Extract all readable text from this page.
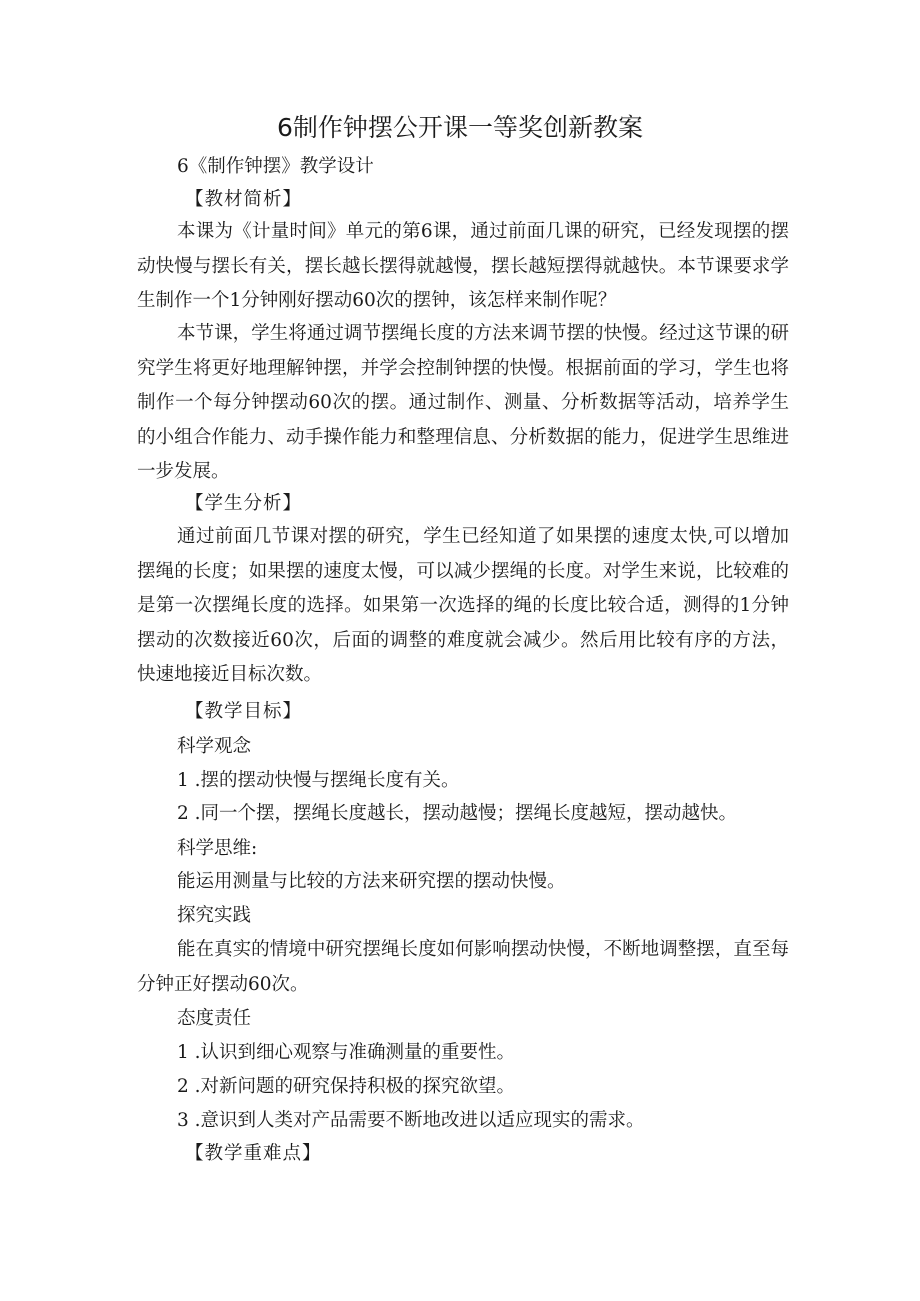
6制作钟摆公开课一等奖创新教案

6《制作钟摆》教学设计

【教材简析】

本课为《计量时间》单元的第6课，通过前面几课的研究，已经发现摆的摆动快慢与摆长有关，摆长越长摆得就越慢，摆长越短摆得就越快。本节课要求学生制作一个1分钟刚好摆动60次的摆钟，该怎样来制作呢？

本节课，学生将通过调节摆绳长度的方法来调节摆的快慢。经过这节课的研究学生将更好地理解钟摆，并学会控制钟摆的快慢。根据前面的学习，学生也将制作一个每分钟摆动60次的摆。通过制作、测量、分析数据等活动，培养学生的小组合作能力、动手操作能力和整理信息、分析数据的能力，促进学生思维进一步发展。

【学生分析】

通过前面几节课对摆的研究，学生已经知道了如果摆的速度太快,可以增加摆绳的长度；如果摆的速度太慢，可以减少摆绳的长度。对学生来说，比较难的是第一次摆绳长度的选择。如果第一次选择的绳的长度比较合适，测得的1分钟摆动的次数接近60次，后面的调整的难度就会减少。然后用比较有序的方法，快速地接近目标次数。

【教学目标】

科学观念

1 .摆的摆动快慢与摆绳长度有关。

2 .同一个摆，摆绳长度越长，摆动越慢；摆绳长度越短，摆动越快。

科学思维:

能运用测量与比较的方法来研究摆的摆动快慢。

探究实践

能在真实的情境中研究摆绳长度如何影响摆动快慢，不断地调整摆，直至每分钟正好摆动60次。

态度责任

1 .认识到细心观察与准确测量的重要性。

2 .对新问题的研究保持积极的探究欲望。

3 .意识到人类对产品需要不断地改进以适应现实的需求。

【教学重难点】
